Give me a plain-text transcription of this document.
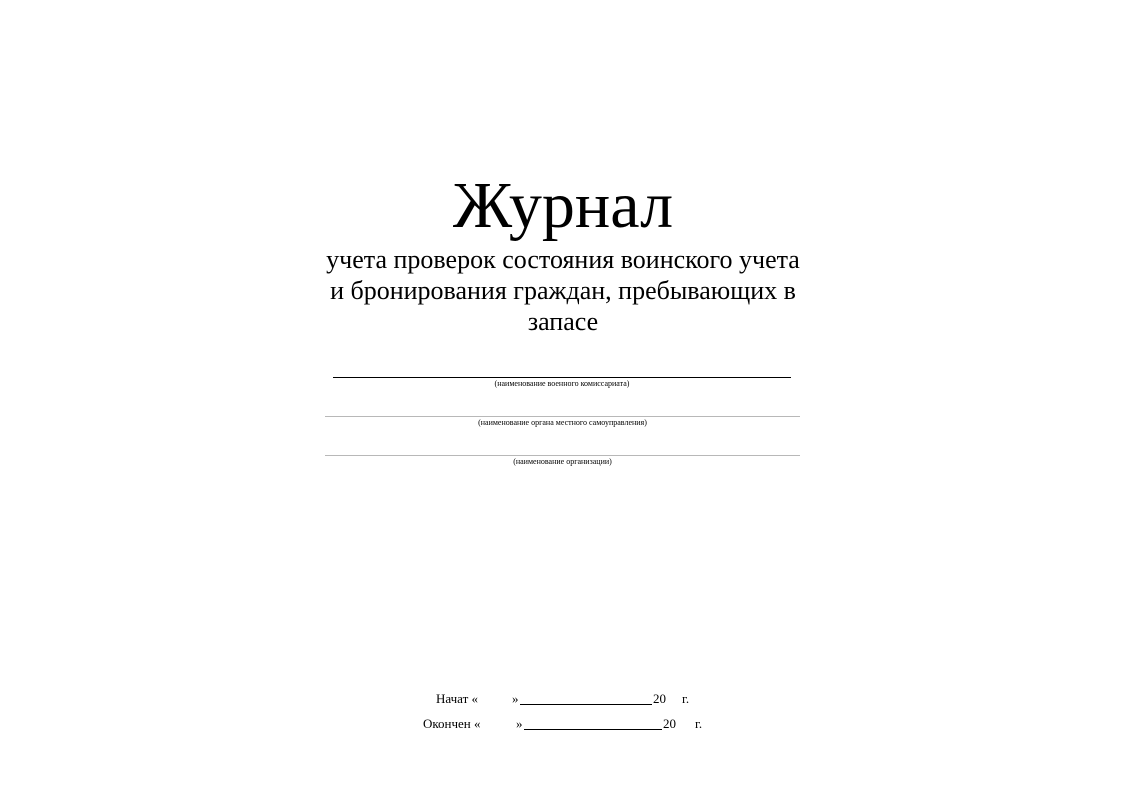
Журнал
учета проверок состояния воинского учета
и бронирования граждан, пребывающих в
запасе
(наименование военного комиссариата)
(наименование органа местного самоуправления)
(наименование организации)
Начат «	»	20 г.
Окончен «	»	20 г.
